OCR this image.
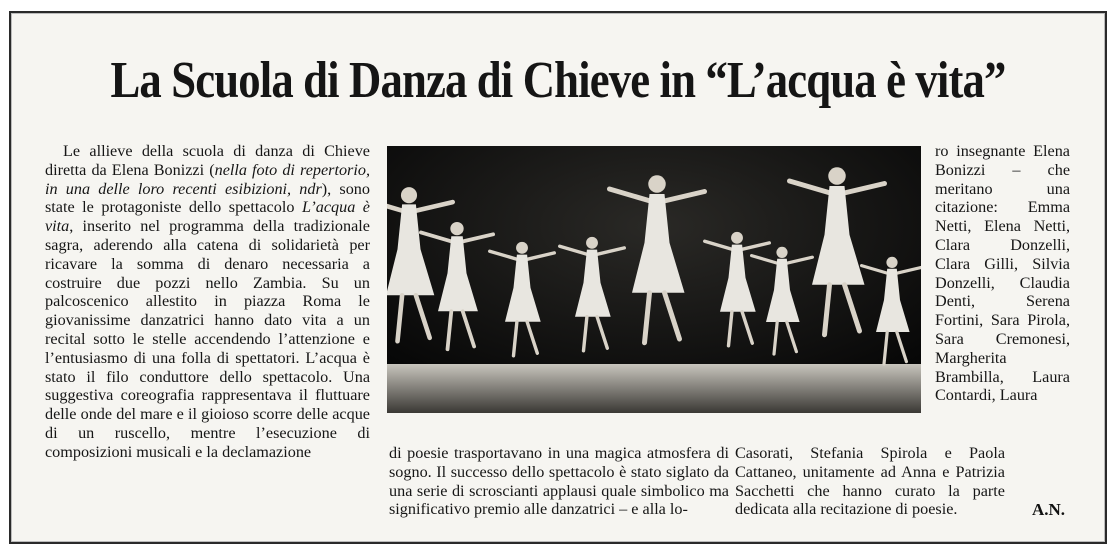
La Scuola di Danza di Chieve in “L’acqua è vita”

Le allieve della scuola di danza di Chieve diretta da Elena Bonizzi (nella foto di repertorio, in una delle loro recenti esibizioni, ndr), sono state le protagoniste dello spettacolo L’acqua è vita, inserito nel programma della tradizionale sagra, aderendo alla catena di solidarietà per ricavare la somma di denaro necessaria a costruire due pozzi nello Zambia. Su un palcoscenico allestito in piazza Roma le giovanissime danzatrici hanno dato vita a un recital sotto le stelle accendendo l’attenzione e l’entusiasmo di una folla di spettatori. L’acqua è stato il filo conduttore dello spettacolo. Una suggestiva coreografia rappresentava il fluttuare delle onde del mare e il gioioso scorre delle acque di un ruscello, mentre l’esecuzione di composizioni musicali e la declamazione

ro insegnante Elena Bonizzi – che meritano una citazione: Emma Netti, Elena Netti, Clara Donzelli, Clara Gilli, Silvia Donzelli, Claudia Denti, Serena Fortini, Sara Pirola, Sara Cremonesi, Margherita Brambilla, Laura Contardi, Laura

di poesie trasportavano in una magica atmosfera di sogno. Il successo dello spettacolo è stato siglato da una serie di scroscianti applausi quale simbolico ma significativo premio alle danzatrici – e alla lo-

Casorati, Stefania Spirola e Paola Cattaneo, unitamente ad Anna e Patrizia Sacchetti che hanno curato la parte dedicata alla recitazione di poesie.	A.N.
